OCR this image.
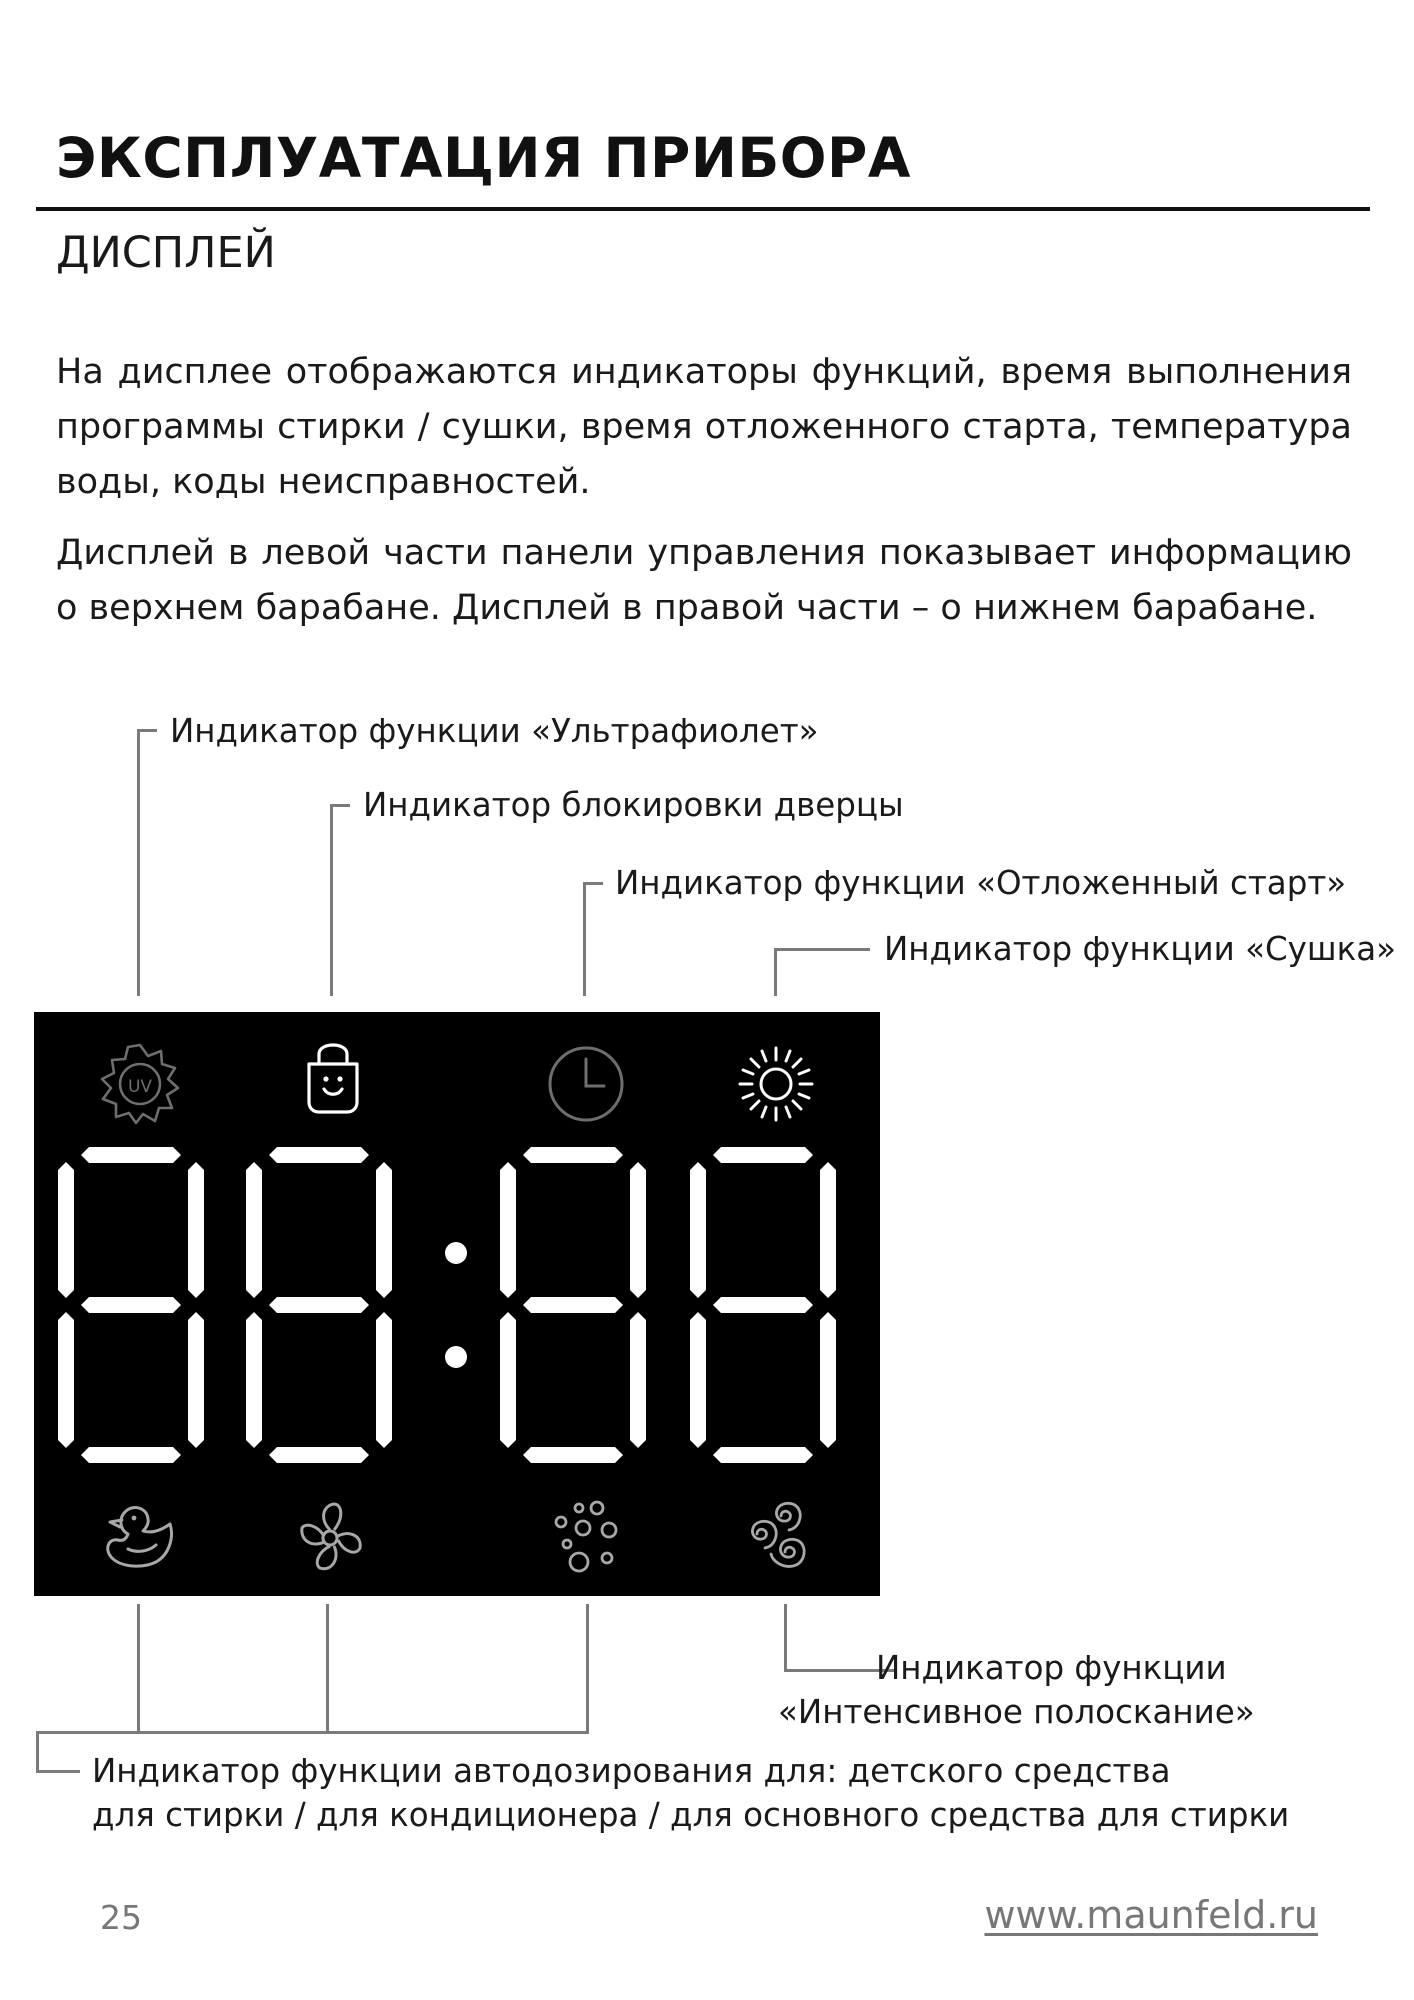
ЭКСПЛУАТАЦИЯ ПРИБОРА
ДИСПЛЕЙ

На дисплее отображаются индикаторы функций, время выполнения программы стирки / сушки, время отложенного старта, температура воды, коды неисправностей.

Дисплей в левой части панели управления показывает информацию о верхнем барабане. Дисплей в правой части – о нижнем барабане.

Индикатор функции «Ультрафиолет»
Индикатор блокировки дверцы
Индикатор функции «Отложенный старт»
Индикатор функции «Сушка»
Индикатор функции
«Интенсивное полоскание»
Индикатор функции автодозирования для: детского средства
для стирки / для кондиционера / для основного средства для стирки
UV
25	www.maunfeld.ru
